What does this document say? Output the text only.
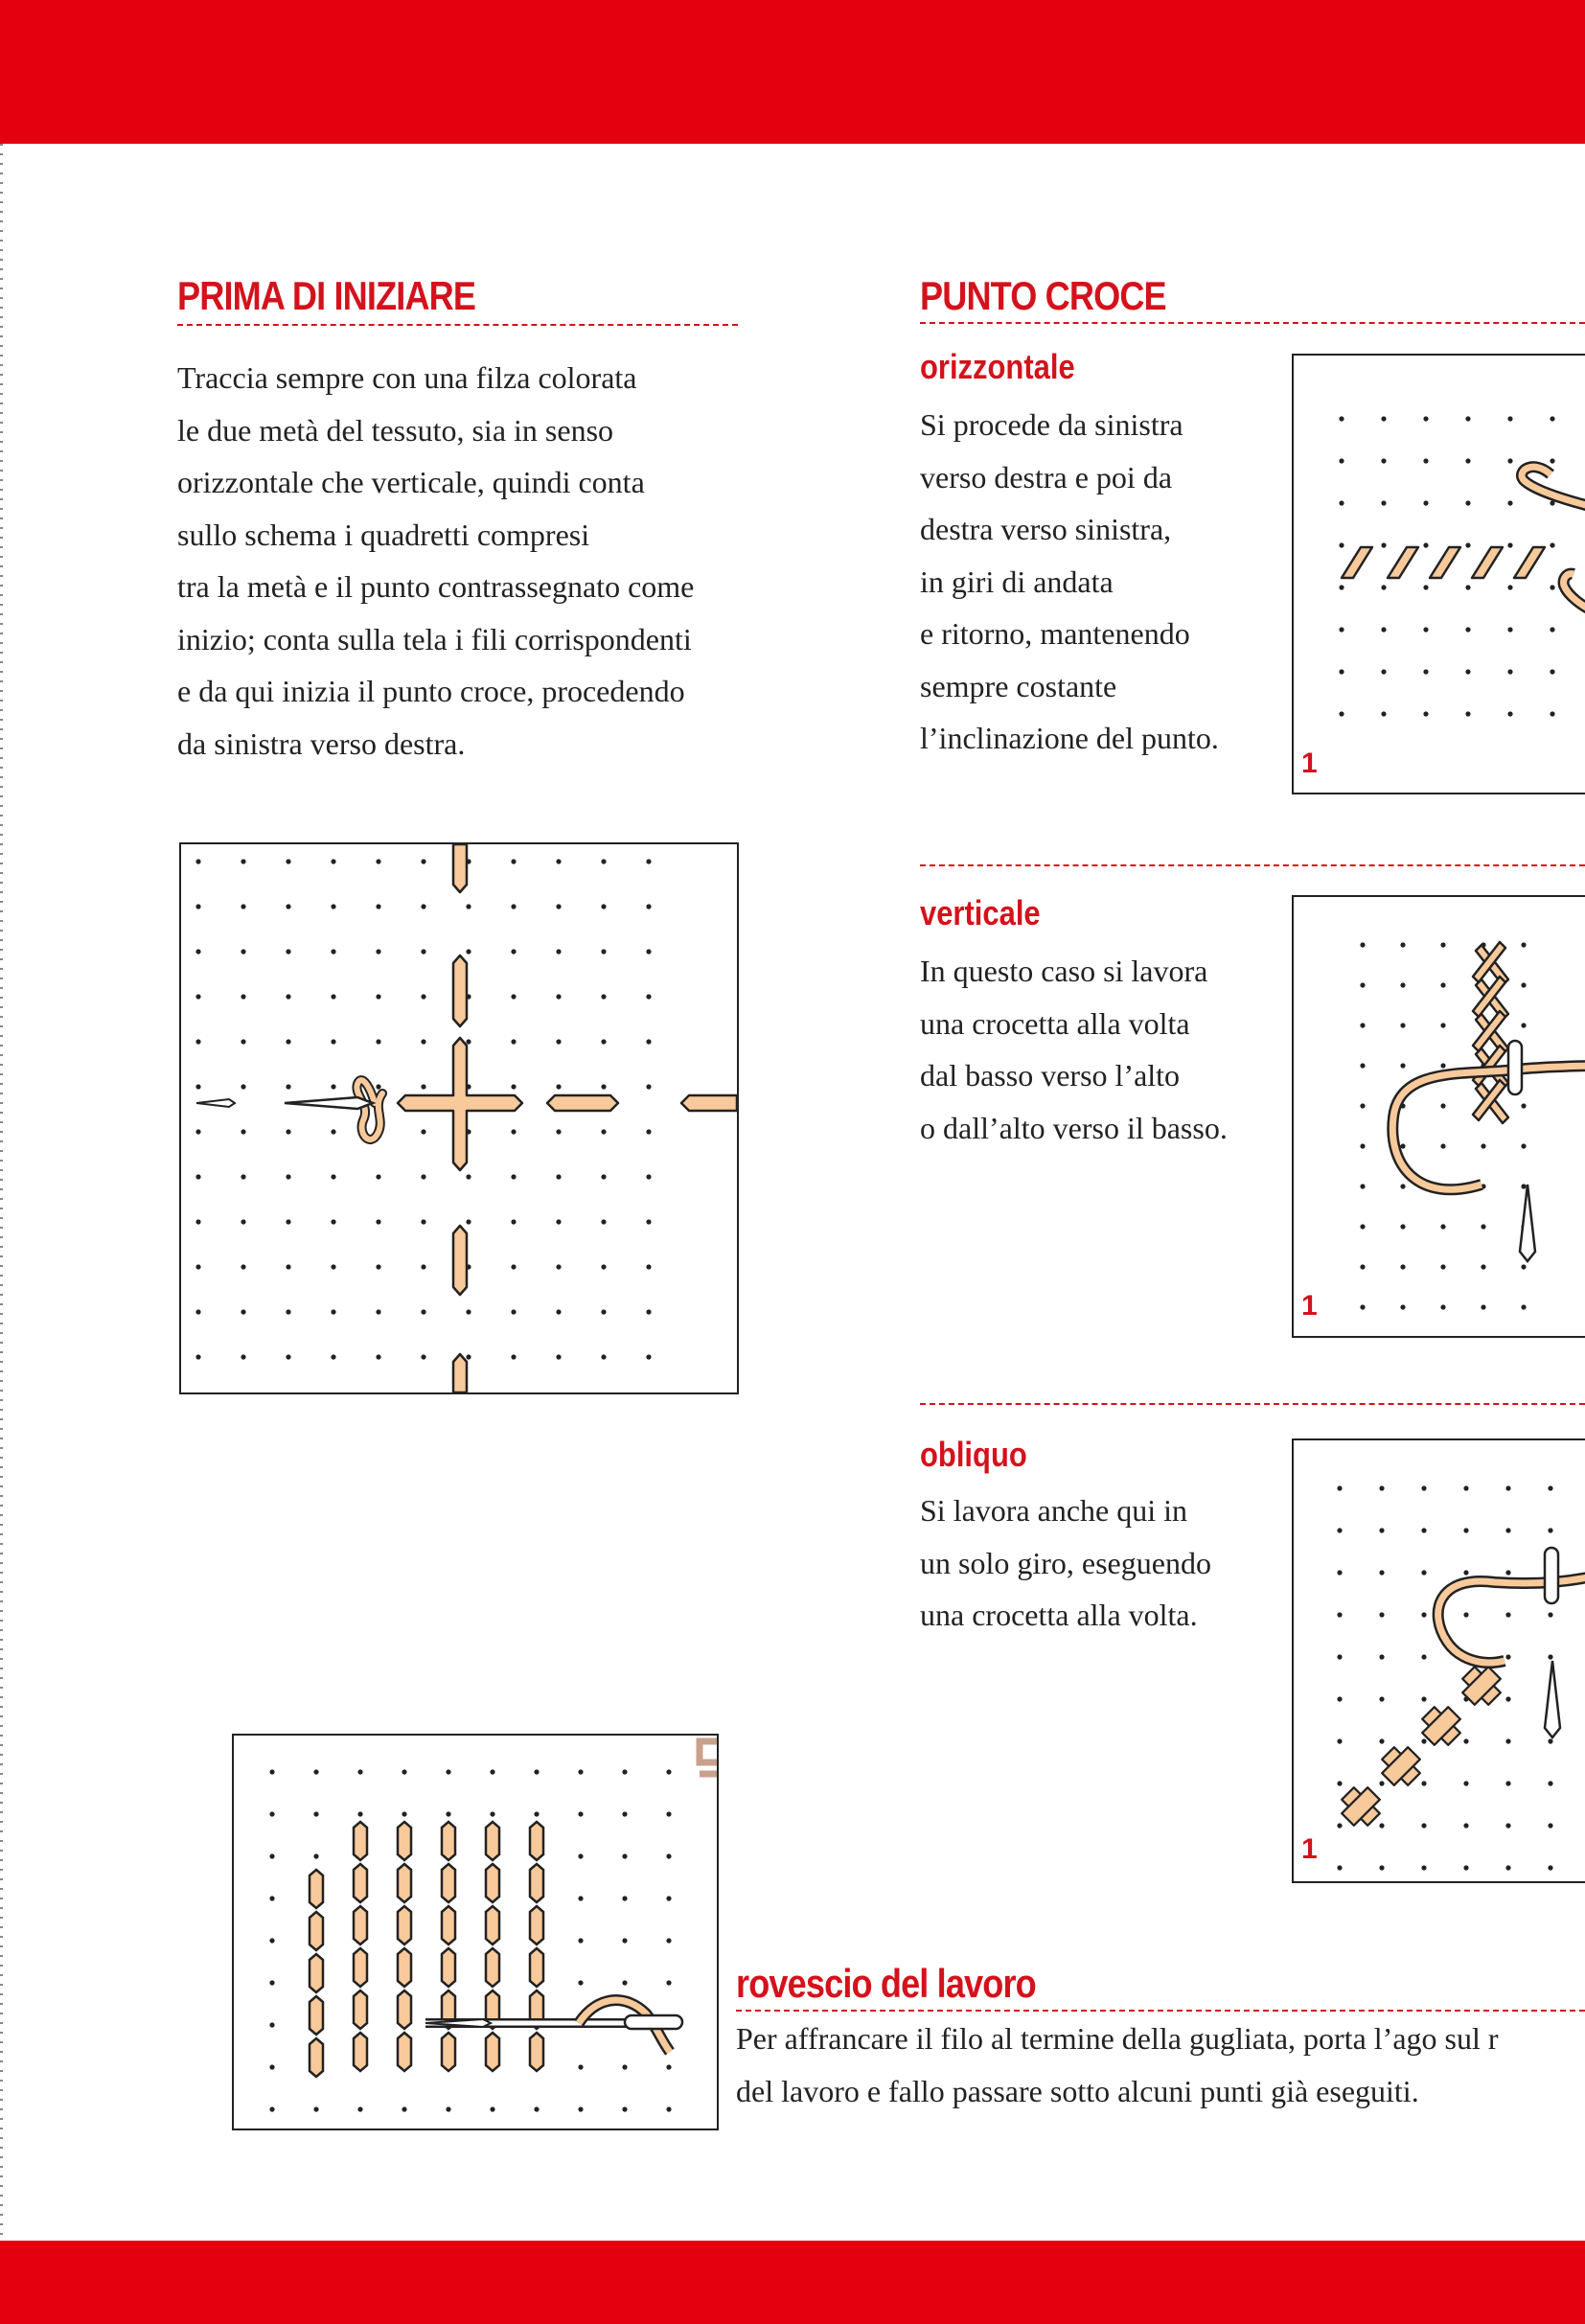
PRIMA DI INIZIARE
Traccia sempre con una filza colorata
le due metà del tessuto, sia in senso
orizzontale che verticale, quindi conta
sullo schema i quadretti compresi
tra la metà e il punto contrassegnato come
inizio; conta sulla tela i fili corrispondenti
e da qui inizia il punto croce, procedendo
da sinistra verso destra.
PUNTO CROCE
orizzontale
Si procede da sinistra
verso destra e poi da
destra verso sinistra,
in giri di andata
e ritorno, mantenendo
sempre costante
l’inclinazione del punto.
1
verticale
In questo caso si lavora
una crocetta alla volta
dal basso verso l’alto
o dall’alto verso il basso.
1
obliquo
Si lavora anche qui in
un solo giro, eseguendo
una crocetta alla volta.
1
rovescio del lavoro
Per affrancare il filo al termine della gugliata, porta l’ago sul r
del lavoro e fallo passare sotto alcuni punti già eseguiti.
